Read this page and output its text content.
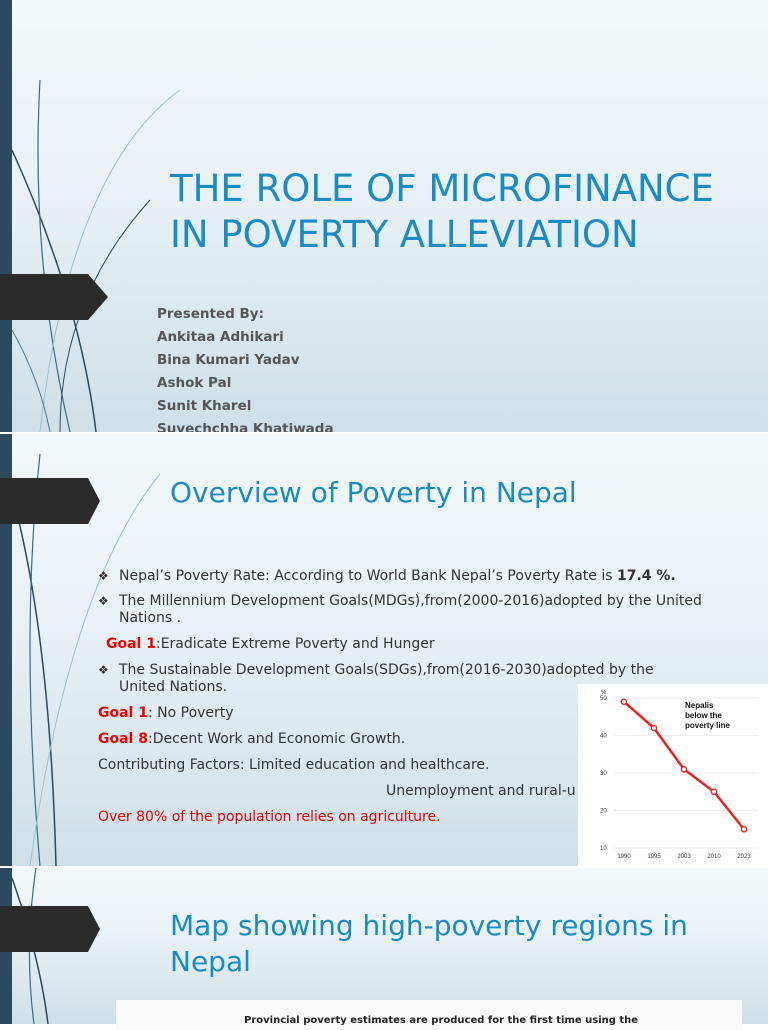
THE ROLE OF MICROFINANCE IN POVERTY ALLEVIATION
Presented By:
Ankitaa Adhikari
Bina Kumari Yadav
Ashok Pal
Sunit Kharel
Suvechchha Khatiwada
Overview of Poverty in Nepal
❖ Nepal’s Poverty Rate: According to World Bank Nepal’s Poverty Rate is 17.4 %.
❖ The Millennium Development Goals(MDGs),from(2000-2016)adopted by the United Nations .
Goal 1:Eradicate Extreme Poverty and Hunger
❖ The Sustainable Development Goals(SDGs),from(2016-2030)adopted by the United Nations.
Goal 1: No Poverty
Goal 8:Decent Work and Economic Growth.
Contributing Factors: Limited education and healthcare.
Unemployment and rural-u
Over 80% of the population relies on agriculture.
%
Nepalis below the poverty line
50
40
30
20
10
1990	1995	2003	2010	2023
Map showing high-poverty regions in Nepal
Provincial poverty estimates are produced for the first time using the
